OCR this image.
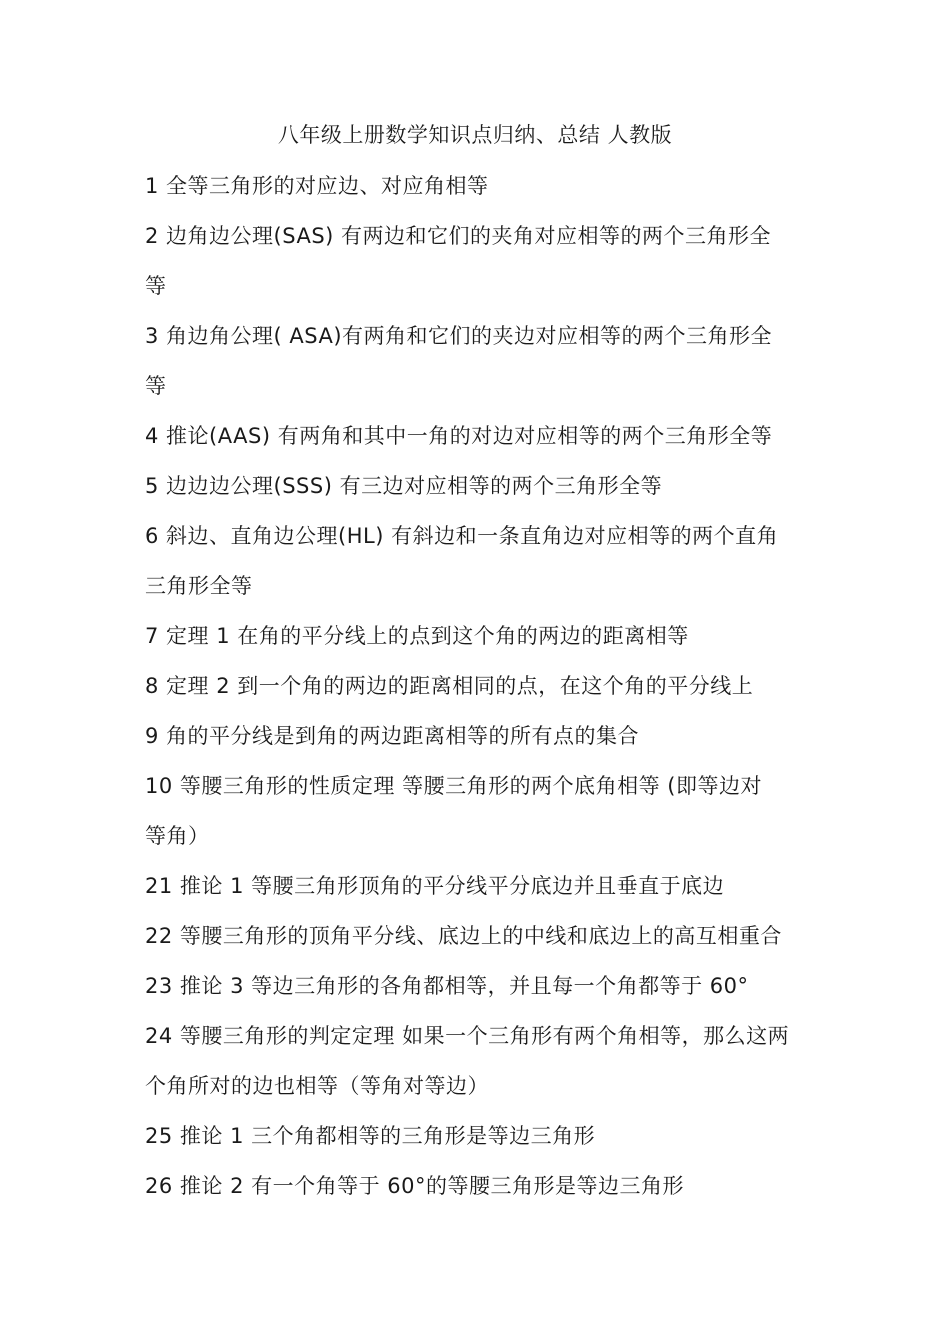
八年级上册数学知识点归纳、总结 人教版
1 全等三角形的对应边、对应角相等
2 边角边公理(SAS) 有两边和它们的夹角对应相等的两个三角形全
等
3 角边角公理( ASA)有两角和它们的夹边对应相等的两个三角形全
等
4 推论(AAS) 有两角和其中一角的对边对应相等的两个三角形全等
5 边边边公理(SSS) 有三边对应相等的两个三角形全等
6 斜边、直角边公理(HL) 有斜边和一条直角边对应相等的两个直角
三角形全等
7 定理 1 在角的平分线上的点到这个角的两边的距离相等
8 定理 2 到一个角的两边的距离相同的点，在这个角的平分线上
9 角的平分线是到角的两边距离相等的所有点的集合
10 等腰三角形的性质定理 等腰三角形的两个底角相等 (即等边对
等角）
21 推论 1 等腰三角形顶角的平分线平分底边并且垂直于底边
22 等腰三角形的顶角平分线、底边上的中线和底边上的高互相重合
23 推论 3 等边三角形的各角都相等，并且每一个角都等于 60°
24 等腰三角形的判定定理 如果一个三角形有两个角相等，那么这两
个角所对的边也相等（等角对等边）
25 推论 1 三个角都相等的三角形是等边三角形
26 推论 2 有一个角等于 60°的等腰三角形是等边三角形
